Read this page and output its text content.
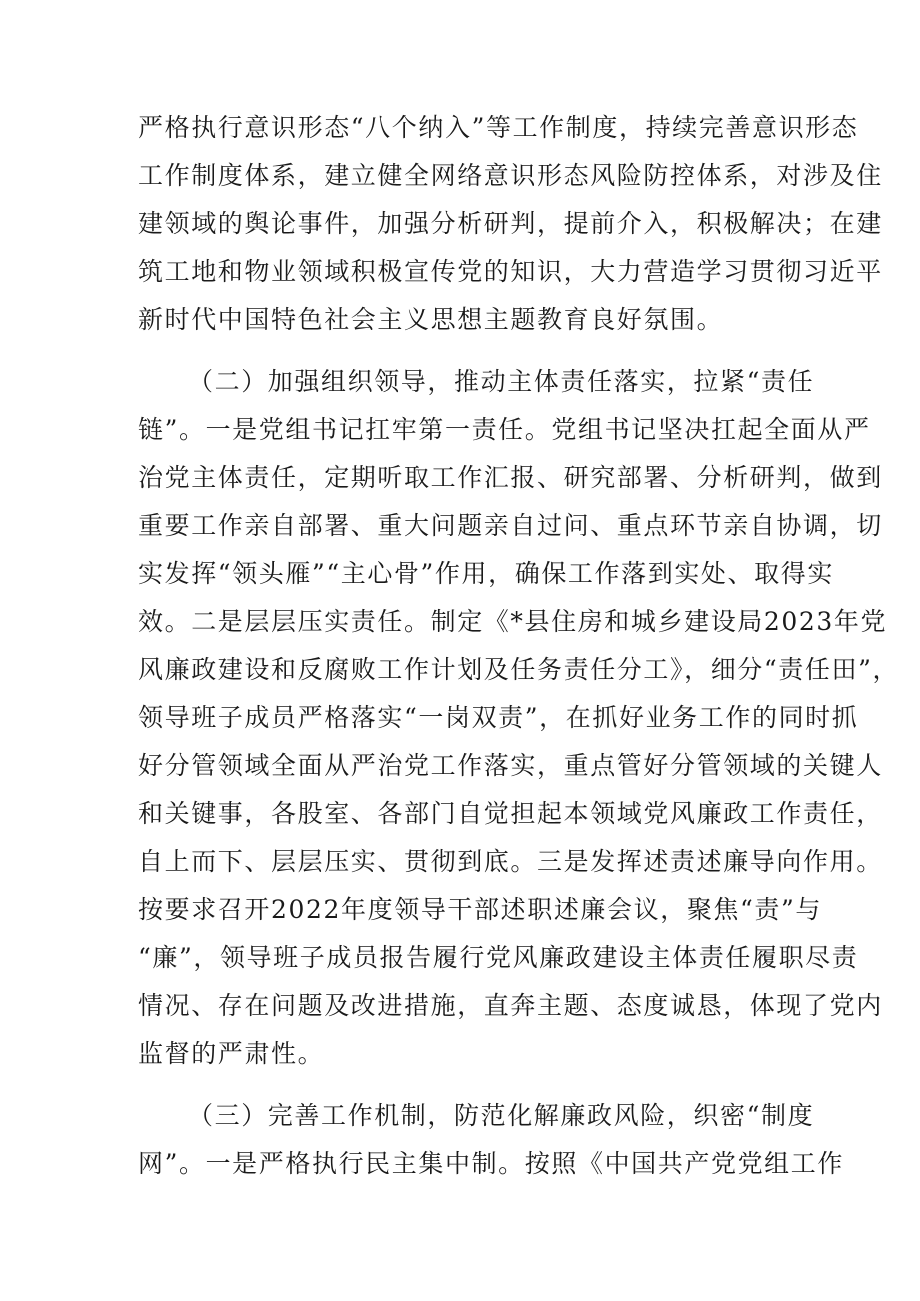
严格执行意识形态“八个纳入”等工作制度，持续完善意识形态
工作制度体系，建立健全网络意识形态风险防控体系，对涉及住
建领域的舆论事件，加强分析研判，提前介入，积极解决；在建
筑工地和物业领域积极宣传党的知识，大力营造学习贯彻习近平
新时代中国特色社会主义思想主题教育良好氛围。
（二）加强组织领导，推动主体责任落实，拉紧“责任
链”。一是党组书记扛牢第一责任。党组书记坚决扛起全面从严
治党主体责任，定期听取工作汇报、研究部署、分析研判，做到
重要工作亲自部署、重大问题亲自过问、重点环节亲自协调，切
实发挥“领头雁”“主心骨”作用，确保工作落到实处、取得实
效。二是层层压实责任。制定《*县住房和城乡建设局2023年党
风廉政建设和反腐败工作计划及任务责任分工》，细分“责任田”，
领导班子成员严格落实“一岗双责”，在抓好业务工作的同时抓
好分管领域全面从严治党工作落实，重点管好分管领域的关键人
和关键事，各股室、各部门自觉担起本领域党风廉政工作责任，
自上而下、层层压实、贯彻到底。三是发挥述责述廉导向作用。
按要求召开2022年度领导干部述职述廉会议，聚焦“责”与
“廉”，领导班子成员报告履行党风廉政建设主体责任履职尽责
情况、存在问题及改进措施，直奔主题、态度诚恳，体现了党内
监督的严肃性。
（三）完善工作机制，防范化解廉政风险，织密“制度
网”。一是严格执行民主集中制。按照《中国共产党党组工作
